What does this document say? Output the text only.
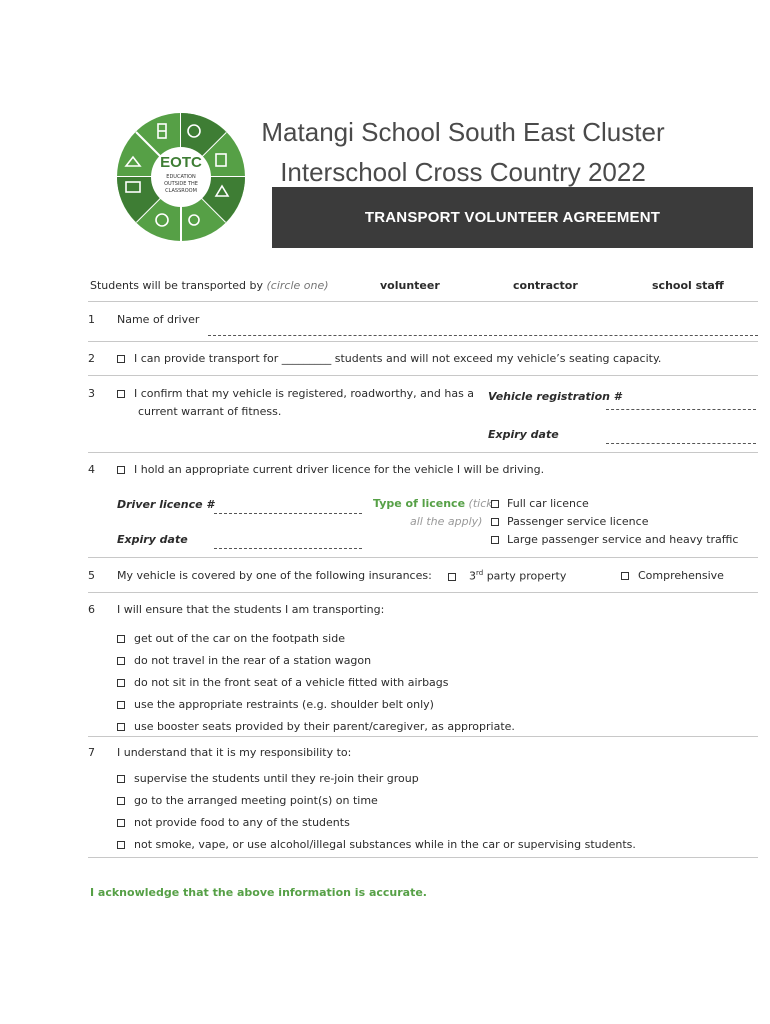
EOTC
EDUCATION
OUTSIDE THE
CLASSROOM
Matangi School South East Cluster
Interschool Cross Country 2022
TRANSPORT VOLUNTEER AGREEMENT
Students will be transported by (circle one)	volunteer	contractor	school staff
1 Name of driver
2	I can provide transport for _________ students and will not exceed my vehicle’s seating capacity.
3	I confirm that my vehicle is registered, roadworthy, and has a
current warrant of fitness.
Vehicle registration #
Expiry date
4	I hold an appropriate current driver licence for the vehicle I will be driving.
Driver licence #
Expiry date
Type of licence (tick
all the apply)
Full car licence
Passenger service licence
Large passenger service and heavy traffic
5 My vehicle is covered by one of the following insurances:	3rd party property	Comprehensive
6 I will ensure that the students I am transporting:
get out of the car on the footpath side
do not travel in the rear of a station wagon
do not sit in the front seat of a vehicle fitted with airbags
use the appropriate restraints (e.g. shoulder belt only)
use booster seats provided by their parent/caregiver, as appropriate.
7 I understand that it is my responsibility to:
supervise the students until they re-join their group
go to the arranged meeting point(s) on time
not provide food to any of the students
not smoke, vape, or use alcohol/illegal substances while in the car or supervising students.
I acknowledge that the above information is accurate.
